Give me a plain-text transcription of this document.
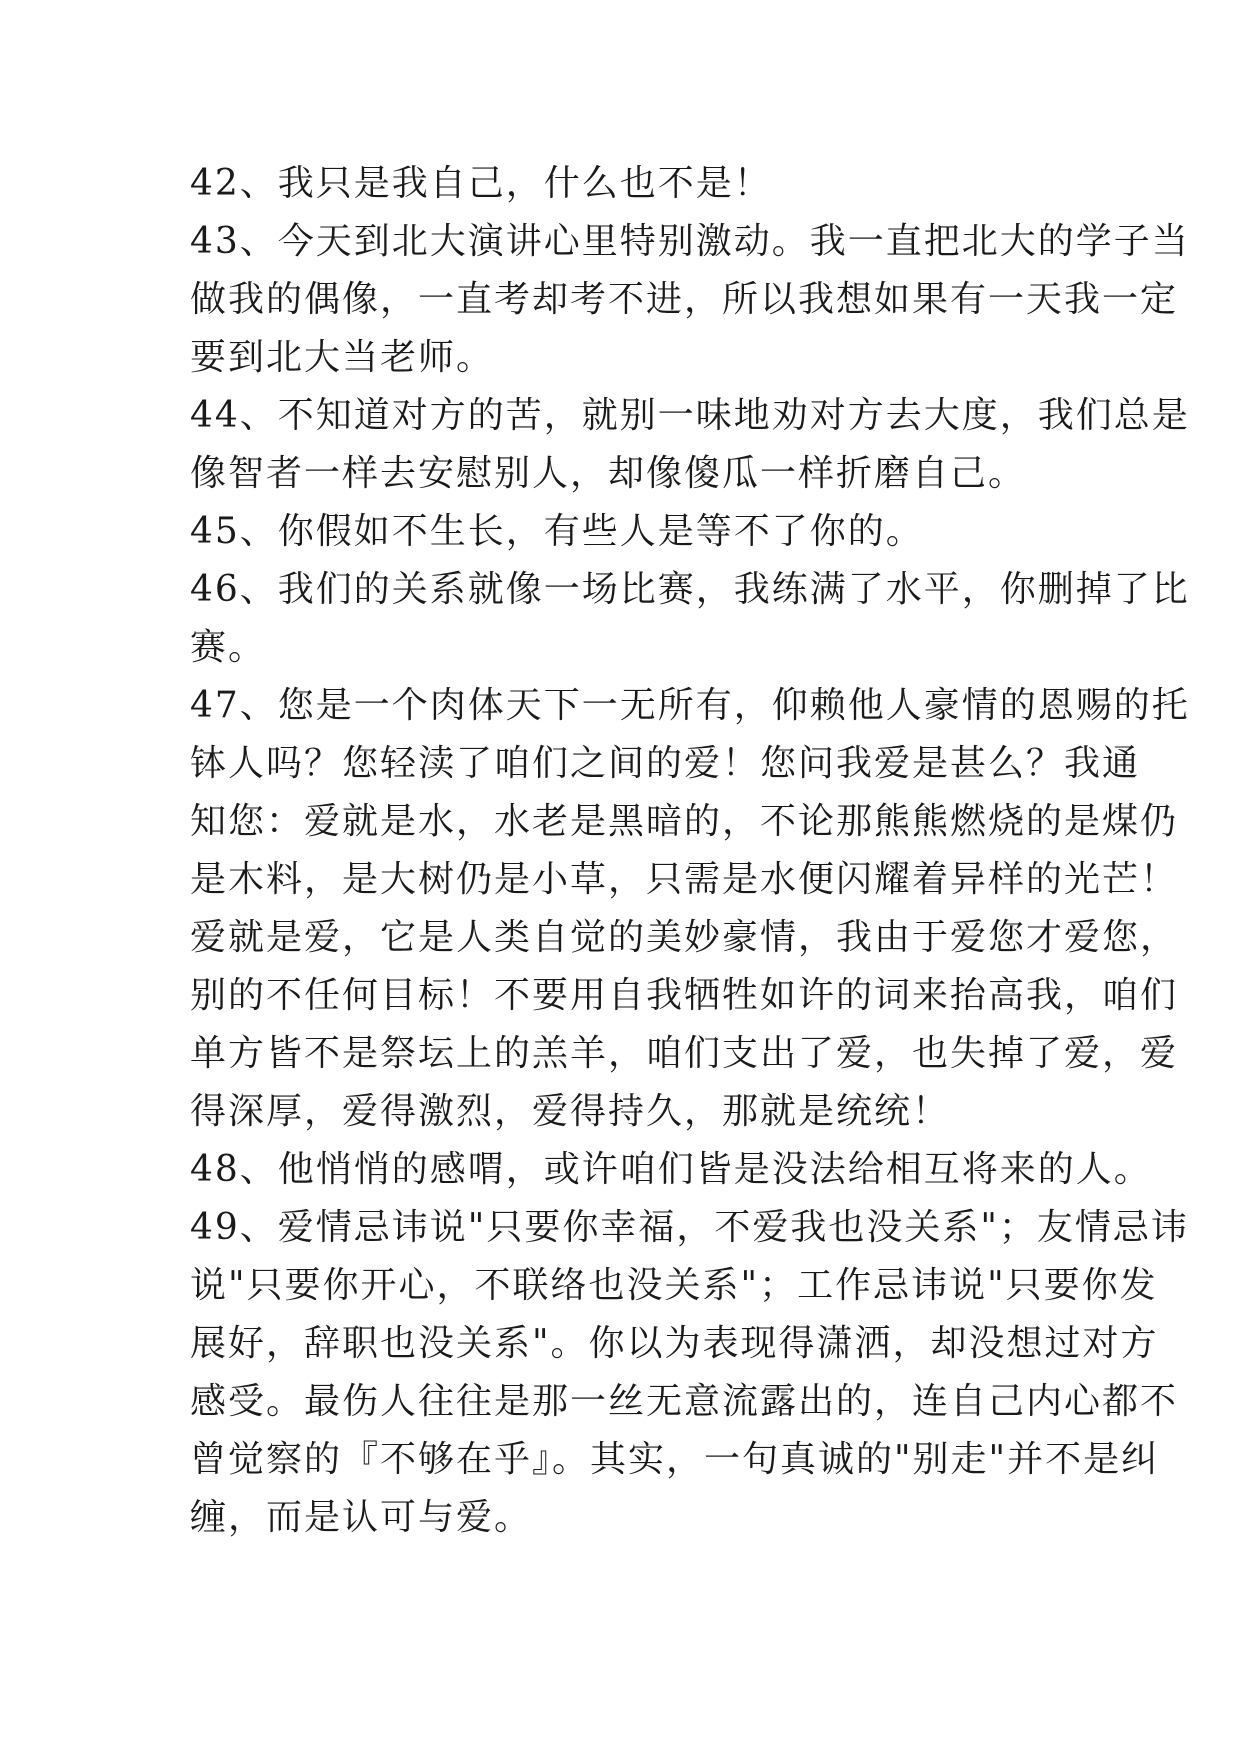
42、我只是我自己，什么也不是！

43、今天到北大演讲心里特别激动。我一直把北大的学子当
做我的偶像，一直考却考不进，所以我想如果有一天我一定
要到北大当老师。

44、不知道对方的苦，就别一味地劝对方去大度，我们总是
像智者一样去安慰别人，却像傻瓜一样折磨自己。

45、你假如不生长，有些人是等不了你的。

46、我们的关系就像一场比赛，我练满了水平，你删掉了比
赛。

47、您是一个肉体天下一无所有，仰赖他人豪情的恩赐的托
钵人吗？您轻渎了咱们之间的爱！您问我爱是甚么？我通
知您：爱就是水，水老是黑暗的，不论那熊熊燃烧的是煤仍
是木料，是大树仍是小草，只需是水便闪耀着异样的光芒！
爱就是爱，它是人类自觉的美妙豪情，我由于爱您才爱您，
别的不任何目标！不要用自我牺牲如许的词来抬高我，咱们
单方皆不是祭坛上的羔羊，咱们支出了爱，也失掉了爱，爱
得深厚，爱得激烈，爱得持久，那就是统统！

48、他悄悄的感喟，或许咱们皆是没法给相互将来的人。

49、爱情忌讳说"只要你幸福，不爱我也没关系"；友情忌讳
说"只要你开心，不联络也没关系"；工作忌讳说"只要你发
展好，辞职也没关系"。你以为表现得潇洒，却没想过对方
感受。最伤人往往是那一丝无意流露出的，连自己内心都不
曾觉察的『不够在乎』。其实，一句真诚的"别走"并不是纠
缠，而是认可与爱。
